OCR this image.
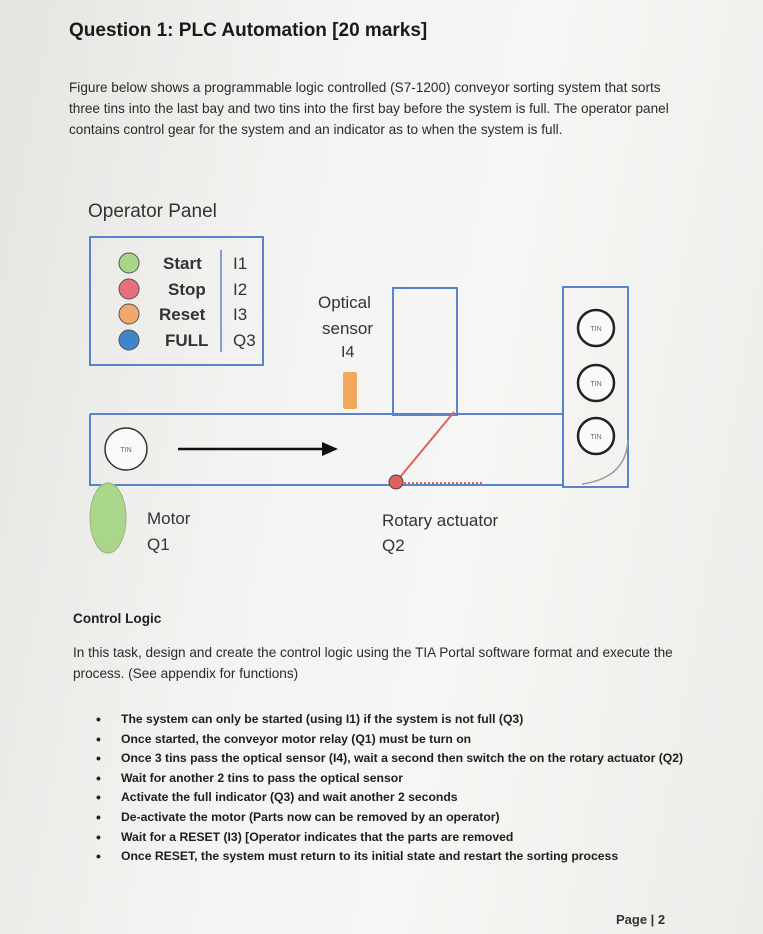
Question 1: PLC Automation [20 marks]
Figure below shows a programmable logic controlled (S7-1200) conveyor sorting system that sorts three tins into the last bay and two tins into the first bay before the system is full. The operator panel contains control gear for the system and an indicator as to when the system is full.
TIN
TIN
TIN
TIN
Operator Panel
Start
Stop
Reset
FULL
I1
I2
I3
Q3
Optical
sensor
I4
Motor
Q1
Rotary actuator
Q2
Control Logic
In this task, design and create the control logic using the TIA Portal software format and execute the process. (See appendix for functions)
• The system can only be started (using I1) if the system is not full (Q3)
• Once started, the conveyor motor relay (Q1) must be turn on
• Once 3 tins pass the optical sensor (I4), wait a second then switch the on the rotary actuator (Q2)
• Wait for another 2 tins to pass the optical sensor
• Activate the full indicator (Q3) and wait another 2 seconds
• De-activate the motor (Parts now can be removed by an operator)
• Wait for a RESET (I3) [Operator indicates that the parts are removed
• Once RESET, the system must return to its initial state and restart the sorting process
Page | 2
